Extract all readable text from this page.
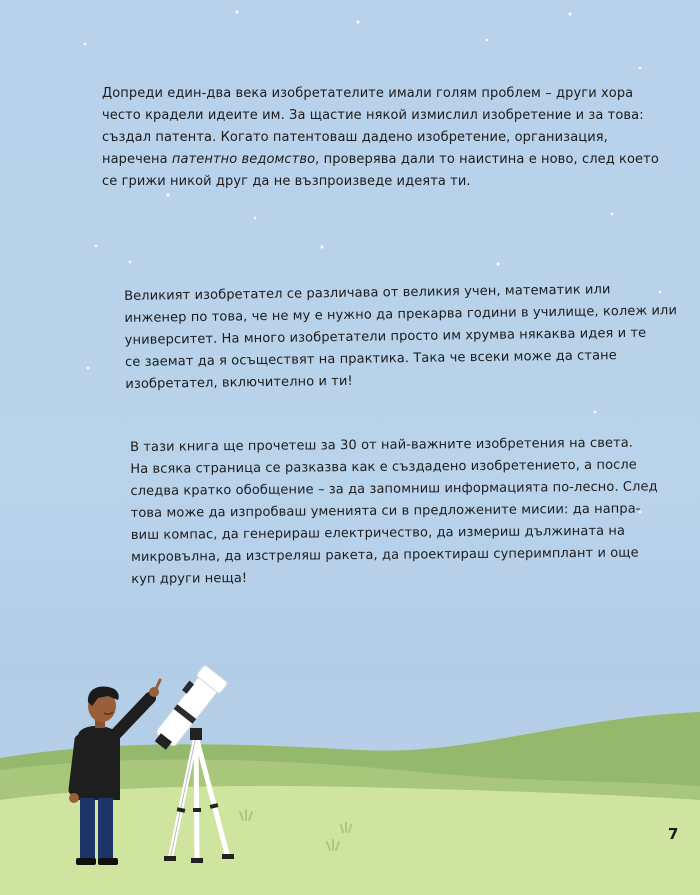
Допреди един-два века изобретателите имали голям проблем – други хора
често крадели идеите им. За щастие някой измислил изобретение и за това:
създал патента. Когато патентоваш дадено изобретение, организация,
наречена патентно ведомство, проверява дали то наистина е ново, след което
се грижи никой друг да не възпроизведе идеята ти.
Великият изобретател се различава от великия учен, математик или
инженер по това, че не му е нужно да прекарва години в училище, колеж или
университет. На много изобретатели просто им хрумва някаква идея и те
се заемат да я осъществят на практика. Така че всеки може да стане
изобретател, включително и ти!
В тази книга ще прочетеш за 30 от най-важните изобретения на света.
На всяка страница се разказва как е създадено изобретението, а после
следва кратко обобщение – за да запомниш информацията по-лесно. След
това може да изпробваш уменията си в предложените мисии: да напра-
виш компас, да генерираш електричество, да измериш дължината на
микровълна, да изстреляш ракета, да проектираш суперимплант и още
куп други неща!
7
